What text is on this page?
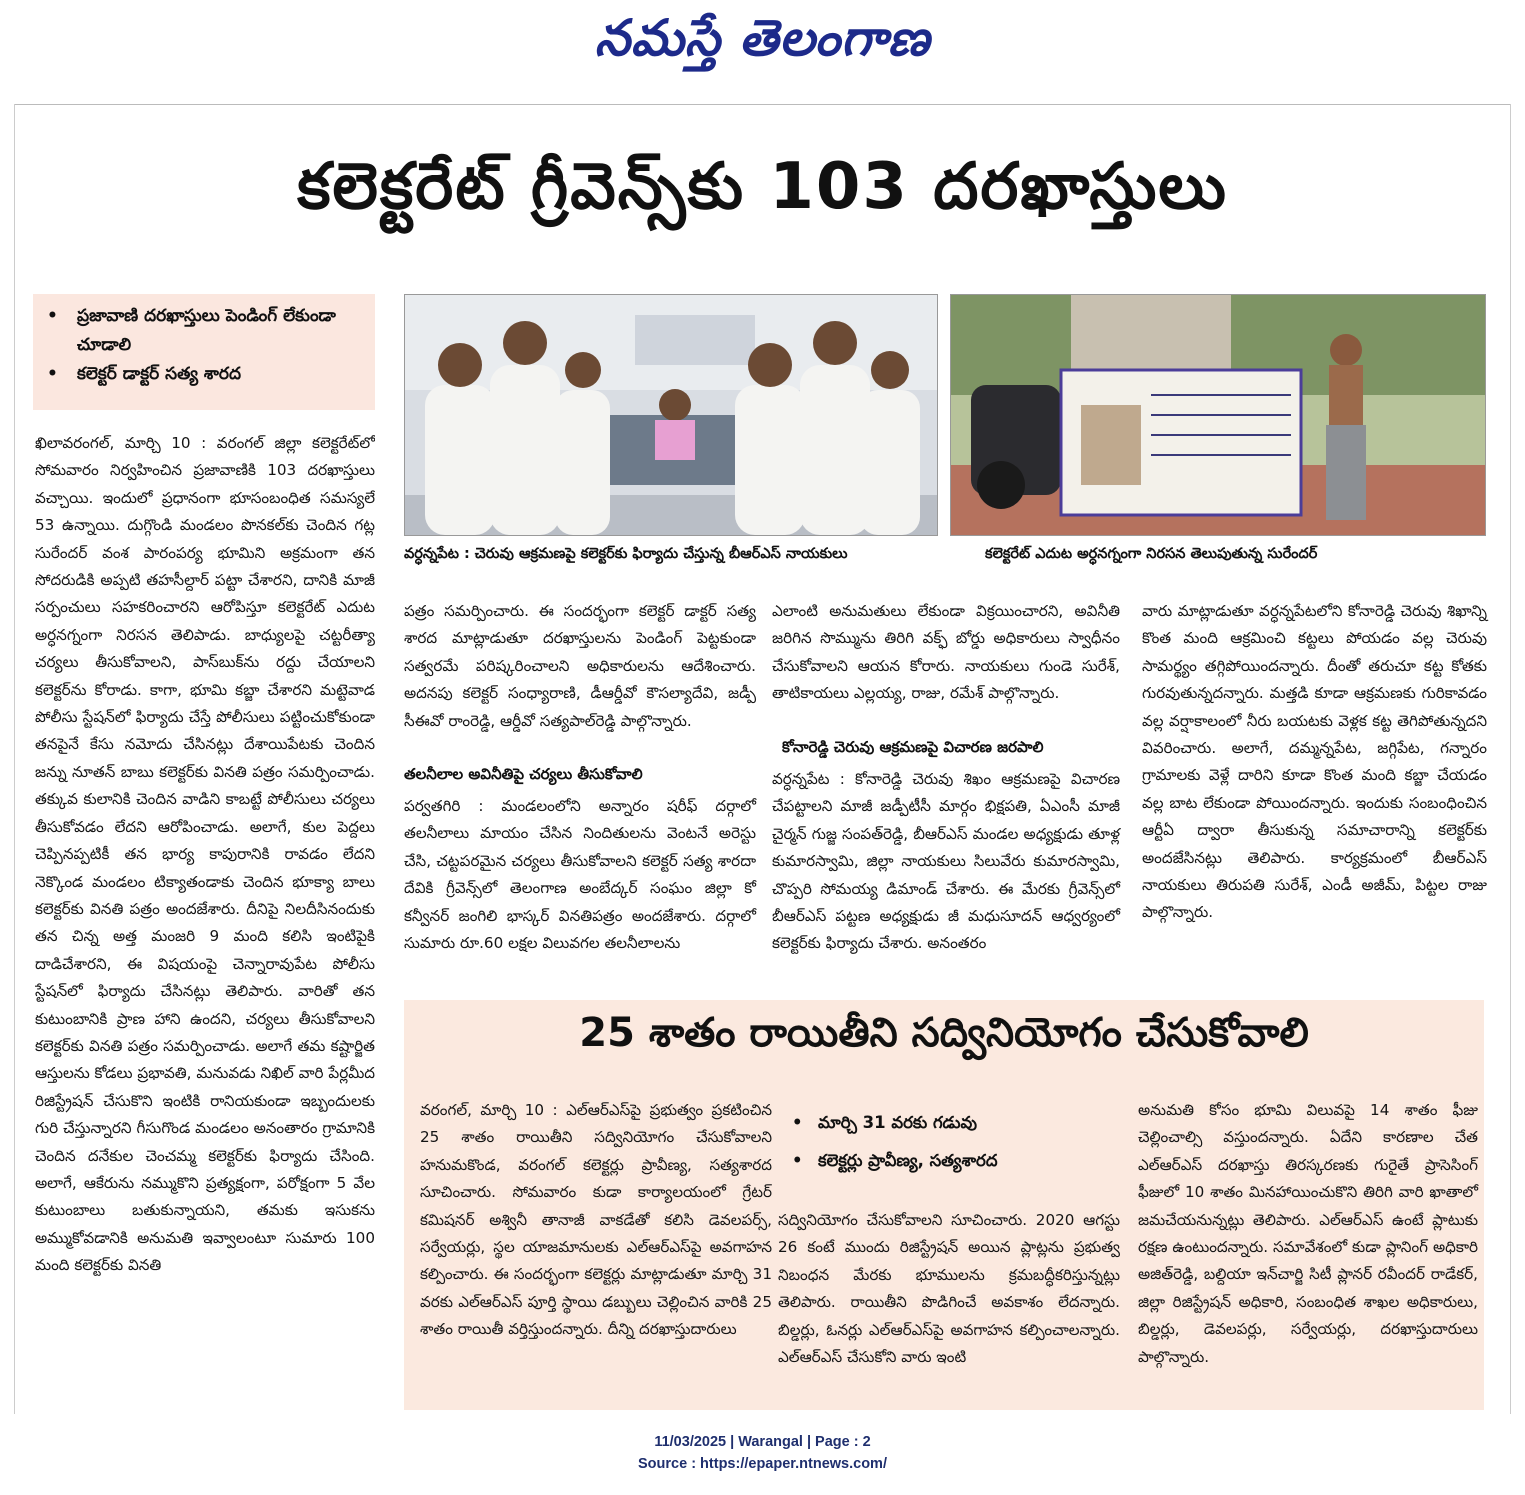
నమస్తే తెలంగాణ
కలెక్టరేట్ గ్రీవెన్స్‌కు 103 దరఖాస్తులు
• ప్రజావాణి దరఖాస్తులు పెండింగ్ లేకుండా చూడాలి
• కలెక్టర్ డాక్టర్ సత్య శారద
ఖిలావరంగల్, మార్చి 10 : వరంగల్ జిల్లా కలెక్టరేట్‌లో సోమవారం నిర్వహించిన ప్రజావాణికి 103 దరఖాస్తులు వచ్చాయి. ఇందులో ప్రధానంగా భూసంబంధిత సమస్యలే 53 ఉన్నాయి. దుగ్గొండి మండలం పొనకల్‌కు చెందిన గట్ల సురేందర్ వంశ పారంపర్య భూమిని అక్రమంగా తన సోదరుడికి అప్పటి తహసీల్దార్ పట్టా చేశారని, దానికి మాజీ సర్పంచులు సహకరించారని ఆరోపిస్తూ కలెక్టరేట్ ఎదుట అర్ధనగ్నంగా నిరసన తెలిపాడు. బాధ్యులపై చట్టరీత్యా చర్యలు తీసుకోవాలని, పాస్‌బుక్‌ను రద్దు చేయాలని కలెక్టర్‌ను కోరాడు. కాగా, భూమి కబ్జా చేశారని మట్టెవాడ పోలీసు స్టేషన్‌లో ఫిర్యాదు చేస్తే పోలీసులు పట్టించుకోకుండా తనపైనే కేసు నమోదు చేసినట్లు దేశాయిపేటకు చెందిన జన్ను నూతన్ బాబు కలెక్టర్‌కు వినతి పత్రం సమర్పించాడు. తక్కువ కులానికి చెందిన వాడిని కాబట్టే పోలీసులు చర్యలు తీసుకోవడం లేదని ఆరోపించాడు. అలాగే, కుల పెద్దలు చెప్పినప్పటికీ తన భార్య కాపురానికి రావడం లేదని నెక్కొండ మండలం టిక్యాతండాకు చెందిన భూక్యా బాలు కలెక్టర్‌కు వినతి పత్రం అందజేశారు. దీనిపై నిలదీసినందుకు తన చిన్న అత్త మంజరి 9 మంది కలిసి ఇంటిపైకి దాడిచేశారని, ఈ విషయంపై చెన్నారావుపేట పోలీసు స్టేషన్‌లో ఫిర్యాదు చేసినట్లు తెలిపారు. వారితో తన కుటుంబానికి ప్రాణ హాని ఉందని, చర్యలు తీసుకోవాలని కలెక్టర్‌కు వినతి పత్రం సమర్పించాడు. అలాగే తమ కష్టార్జిత ఆస్తులను కోడలు ప్రభావతి, మనువడు నిఖిల్ వారి పేర్లమీద రిజిస్ట్రేషన్ చేసుకొని ఇంటికి రానియకుండా ఇబ్బందులకు గురి చేస్తున్నారని గీసుగొండ మండలం అనంతారం గ్రామానికి చెందిన దనేకుల చెంచమ్మ కలెక్టర్‌కు ఫిర్యాదు చేసింది. అలాగే, ఆకేరును నమ్ముకొని ప్రత్యక్షంగా, పరోక్షంగా 5 వేల కుటుంబాలు బతుకున్నాయని, తమకు ఇసుకను అమ్ముకోవడానికి అనుమతి ఇవ్వాలంటూ సుమారు 100 మంది కలెక్టర్‌కు వినతి
వర్ధన్నపేట : చెరువు ఆక్రమణపై కలెక్టర్‌కు ఫిర్యాదు చేస్తున్న బీఆర్‌ఎస్ నాయకులు	కలెక్టరేట్ ఎదుట అర్ధనగ్నంగా నిరసన తెలుపుతున్న సురేందర్
పత్రం సమర్పించారు. ఈ సందర్భంగా కలెక్టర్ డాక్టర్ సత్య శారద మాట్లాడుతూ దరఖాస్తులను పెండింగ్ పెట్టకుండా సత్వరమే పరిష్కరించాలని అధికారులను ఆదేశించారు. అదనపు కలెక్టర్ సంధ్యారాణి, డీఆర్డీవో కౌసల్యాదేవి, జడ్పీ సీఈవో రాంరెడ్డి, ఆర్డీవో సత్యపాల్‌రెడ్డి పాల్గొన్నారు.
తలనీలాల అవినీతిపై చర్యలు తీసుకోవాలి
పర్వతగిరి : మండలంలోని అన్నారం షరీఫ్ దర్గాలో తలనీలాలు మాయం చేసిన నిందితులను వెంటనే అరెస్టు చేసి, చట్టపరమైన చర్యలు తీసుకోవాలని కలెక్టర్ సత్య శారదా దేవికి గ్రీవెన్స్‌లో తెలంగాణ అంబేద్కర్ సంఘం జిల్లా కో కన్వీనర్ జంగిలి భాస్కర్ వినతిపత్రం అందజేశారు. దర్గాలో సుమారు రూ.60 లక్షల విలువగల తలనీలాలను
ఎలాంటి అనుమతులు లేకుండా విక్రయించారని, అవినీతి జరిగిన సొమ్మును తిరిగి వక్ఫ్ బోర్డు అధికారులు స్వాధీనం చేసుకోవాలని ఆయన కోరారు. నాయకులు గుండె సురేశ్, తాటికాయలు ఎల్లయ్య, రాజు, రమేశ్ పాల్గొన్నారు.
కోనారెడ్డి చెరువు ఆక్రమణపై విచారణ జరపాలి
వర్ధన్నపేట : కోనారెడ్డి చెరువు శిఖం ఆక్రమణపై విచారణ చేపట్టాలని మాజీ జడ్పీటీసీ మార్గం భిక్షపతి, ఏఎంసీ మాజీ చైర్మన్ గుజ్జ సంపత్‌రెడ్డి, బీఆర్‌ఎస్ మండల అధ్యక్షుడు తూళ్ల కుమారస్వామి, జిల్లా నాయకులు సిలువేరు కుమారస్వామి, చొప్పరి సోమయ్య డిమాండ్ చేశారు. ఈ మేరకు గ్రీవెన్స్‌లో బీఆర్‌ఎస్ పట్టణ అధ్యక్షుడు జీ మధుసూదన్ ఆధ్వర్యంలో కలెక్టర్‌కు ఫిర్యాదు చేశారు. అనంతరం
వారు మాట్లాడుతూ వర్ధన్నపేటలోని కోనారెడ్డి చెరువు శిఖాన్ని కొంత మంది ఆక్రమించి కట్టలు పోయడం వల్ల చెరువు సామర్థ్యం తగ్గిపోయిందన్నారు. దీంతో తరుచూ కట్ట కోతకు గురవుతున్నదన్నారు. మత్తడి కూడా ఆక్రమణకు గురికావడం వల్ల వర్షాకాలంలో నీరు బయటకు వెళ్లక కట్ట తెగిపోతున్నదని వివరించారు. అలాగే, దమ్మన్నపేట, జగ్గిపేట, గన్నారం గ్రామాలకు వెళ్లే దారిని కూడా కొంత మంది కబ్జా చేయడం వల్ల బాట లేకుండా పోయిందన్నారు. ఇందుకు సంబంధించిన ఆర్టీఏ ద్వారా తీసుకున్న సమాచారాన్ని కలెక్టర్‌కు అందజేసినట్లు తెలిపారు. కార్యక్రమంలో బీఆర్‌ఎస్ నాయకులు తిరుపతి సురేశ్, ఎండీ అజీమ్, పిట్టల రాజు పాల్గొన్నారు.
25 శాతం రాయితీని సద్వినియోగం చేసుకోవాలి
వరంగల్, మార్చి 10 : ఎల్‌ఆర్‌ఎస్‌పై ప్రభుత్వం ప్రకటించిన 25 శాతం రాయితీని సద్వినియోగం చేసుకోవాలని హనుమకొండ, వరంగల్ కలెక్టర్లు ప్రావీణ్య, సత్యశారద సూచించారు. సోమవారం కుడా కార్యాలయంలో గ్రేటర్ కమిషనర్ అశ్వినీ తానాజీ వాకడేతో కలిసి డెవలపర్స్, సర్వేయర్లు, స్థల యాజమానులకు ఎల్‌ఆర్‌ఎస్‌పై అవగాహన కల్పించారు. ఈ సందర్భంగా కలెక్టర్లు మాట్లాడుతూ మార్చి 31 వరకు ఎల్‌ఆర్‌ఎస్ పూర్తి స్థాయి డబ్బులు చెల్లించిన వారికి 25 శాతం రాయితీ వర్తిస్తుందన్నారు. దీన్ని దరఖాస్తుదారులు
• మార్చి 31 వరకు గడువు
• కలెక్టర్లు ప్రావీణ్య, సత్యశారద
సద్వినియోగం చేసుకోవాలని సూచించారు. 2020 ఆగస్టు 26 కంటే ముందు రిజిస్ట్రేషన్ అయిన ప్లాట్లను ప్రభుత్వ నిబంధన మేరకు భూములను క్రమబద్ధీకరిస్తున్నట్లు తెలిపారు. రాయితీని పొడిగించే అవకాశం లేదన్నారు. బిల్డర్లు, ఓనర్లు ఎల్‌ఆర్‌ఎస్‌పై అవగాహన కల్పించాలన్నారు. ఎల్‌ఆర్‌ఎస్ చేసుకోని వారు ఇంటి
అనుమతి కోసం భూమి విలువపై 14 శాతం ఫీజు చెల్లించాల్సి వస్తుందన్నారు. ఏదేని కారణాల చేత ఎల్‌ఆర్‌ఎస్ దరఖాస్తు తిరస్కరణకు గురైతే ప్రాసెసింగ్ ఫీజులో 10 శాతం మినహాయించుకొని తిరిగి వారి ఖాతాలో జమచేయనున్నట్లు తెలిపారు. ఎల్‌ఆర్‌ఎస్ ఉంటే ప్లాటుకు రక్షణ ఉంటుందన్నారు. సమావేశంలో కుడా ప్లానింగ్ అధికారి అజిత్‌రెడ్డి, బల్దియా ఇన్‌చార్జి సిటీ ప్లానర్ రవీందర్ రాడేకర్, జిల్లా రిజిస్ట్రేషన్ అధికారి, సంబంధిత శాఖల అధికారులు, బిల్డర్లు, డెవలపర్లు, సర్వేయర్లు, దరఖాస్తుదారులు పాల్గొన్నారు.
11/03/2025 | Warangal | Page : 2
Source : https://epaper.ntnews.com/
